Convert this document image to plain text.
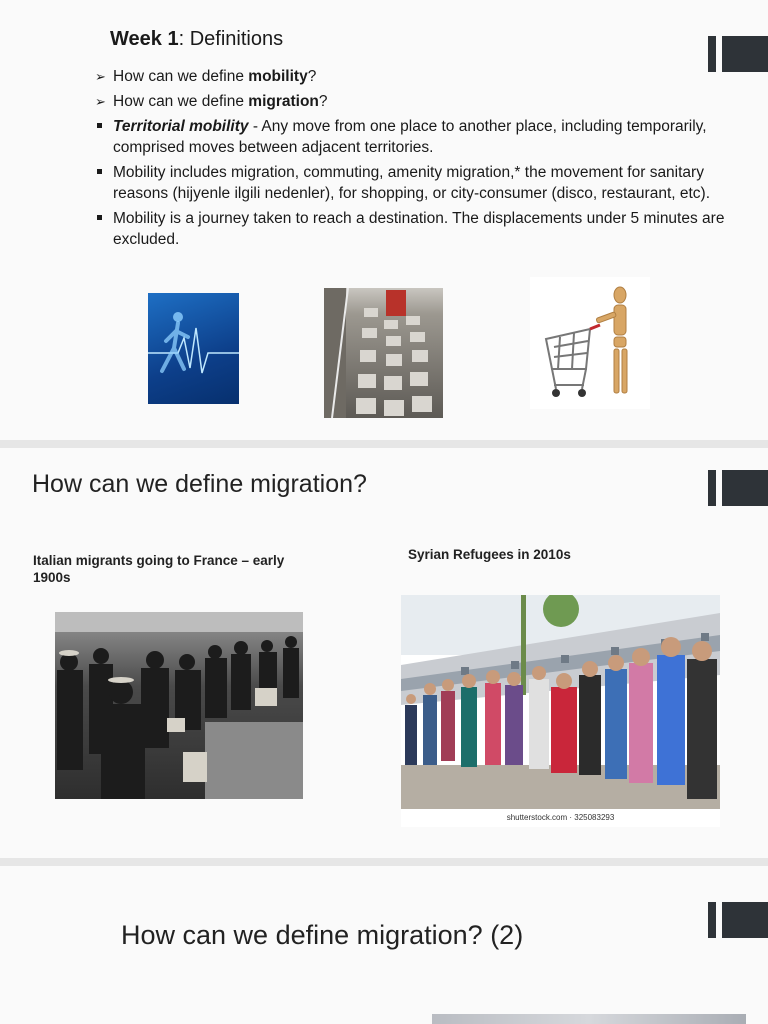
Week 1: Definitions
➢ How can we define mobility?
➢ How can we define migration?
Territorial mobility - Any move from one place to another place, including temporarily, comprised moves between adjacent territories.
Mobility includes migration, commuting, amenity migration,* the movement for sanitary reasons (hijyenle ilgili nedenler), for shopping, or city-consumer (disco, restaurant, etc).
Mobility is a journey taken to reach a destination. The displacements under 5 minutes are excluded.
How can we define migration?
Italian migrants going to France – early 1900s
Syrian Refugees in 2010s
shutterstock.com · 325083293
How can we define migration? (2)
